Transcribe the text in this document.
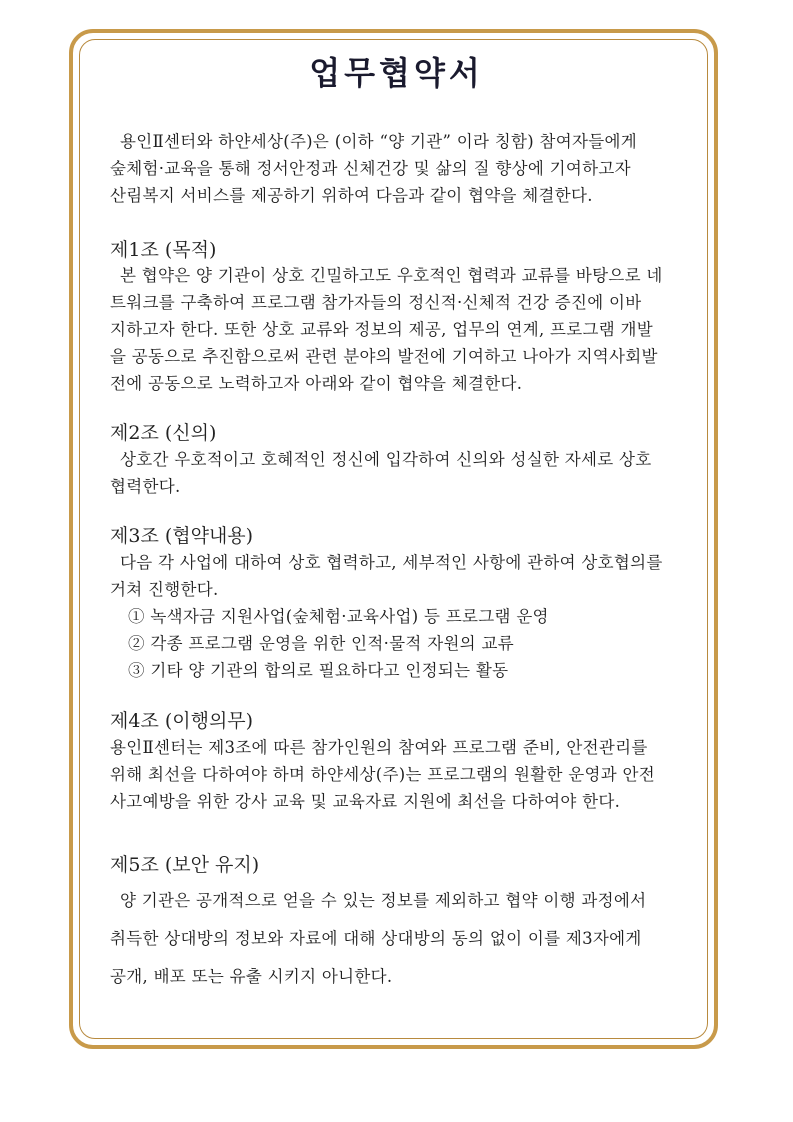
업무협약서
용인Ⅱ센터와 하얀세상(주)은 (이하 “양 기관” 이라 칭함) 참여자들에게
숲체험·교육을 통해 정서안정과 신체건강 및 삶의 질 향상에 기여하고자
산림복지 서비스를 제공하기 위하여 다음과 같이 협약을 체결한다.
제1조 (목적)
본 협약은 양 기관이 상호 긴밀하고도 우호적인 협력과 교류를 바탕으로 네
트워크를 구축하여 프로그램 참가자들의 정신적·신체적 건강 증진에 이바
지하고자 한다. 또한 상호 교류와 정보의 제공, 업무의 연계, 프로그램 개발
을 공동으로 추진함으로써 관련 분야의 발전에 기여하고 나아가 지역사회발
전에 공동으로 노력하고자 아래와 같이 협약을 체결한다.
제2조 (신의)
상호간 우호적이고 호혜적인 정신에 입각하여 신의와 성실한 자세로 상호
협력한다.
제3조 (협약내용)
다음 각 사업에 대하여 상호 협력하고, 세부적인 사항에 관하여 상호협의를
거쳐 진행한다.
① 녹색자금 지원사업(숲체험·교육사업) 등 프로그램 운영
② 각종 프로그램 운영을 위한 인적·물적 자원의 교류
③ 기타 양 기관의 합의로 필요하다고 인정되는 활동
제4조 (이행의무)
용인Ⅱ센터는 제3조에 따른 참가인원의 참여와 프로그램 준비, 안전관리를
위해 최선을 다하여야 하며 하얀세상(주)는 프로그램의 원활한 운영과 안전
사고예방을 위한 강사 교육 및 교육자료 지원에 최선을 다하여야 한다.
제5조 (보안 유지)
양 기관은 공개적으로 얻을 수 있는 정보를 제외하고 협약 이행 과정에서
취득한 상대방의 정보와 자료에 대해 상대방의 동의 없이 이를 제3자에게
공개, 배포 또는 유출 시키지 아니한다.
